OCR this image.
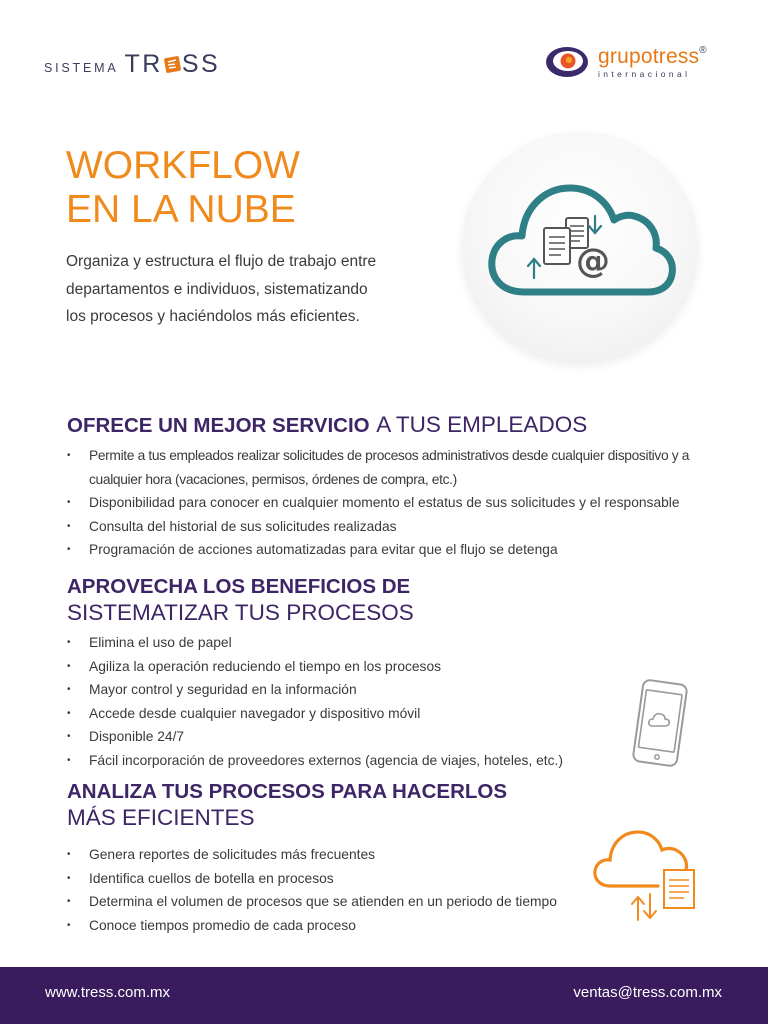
SISTEMA TR SS	grupotress®
internacional
WORKFLOW
EN LA NUBE

Organiza y estructura el flujo de trabajo entre
departamentos e individuos, sistematizando
los procesos y haciéndolos más eficientes.

@
OFRECE UN MEJOR SERVICIO A TUS EMPLEADOS
• Permite a tus empleados realizar solicitudes de procesos administrativos desde cualquier dispositivo y a cualquier hora (vacaciones, permisos, órdenes de compra, etc.)
• Disponibilidad para conocer en cualquier momento el estatus de sus solicitudes y el responsable
• Consulta del historial de sus solicitudes realizadas
• Programación de acciones automatizadas para evitar que el flujo se detenga
APROVECHA LOS BENEFICIOS DE
SISTEMATIZAR TUS PROCESOS
• Elimina el uso de papel
• Agiliza la operación reduciendo el tiempo en los procesos
• Mayor control y seguridad en la información
• Accede desde cualquier navegador y dispositivo móvil
• Disponible 24/7
• Fácil incorporación de proveedores externos (agencia de viajes, hoteles, etc.)
ANALIZA TUS PROCESOS PARA HACERLOS
MÁS EFICIENTES
• Genera reportes de solicitudes más frecuentes
• Identifica cuellos de botella en procesos
• Determina el volumen de procesos que se atienden en un periodo de tiempo
• Conoce tiempos promedio de cada proceso
www.tress.com.mx	ventas@tress.com.mx
